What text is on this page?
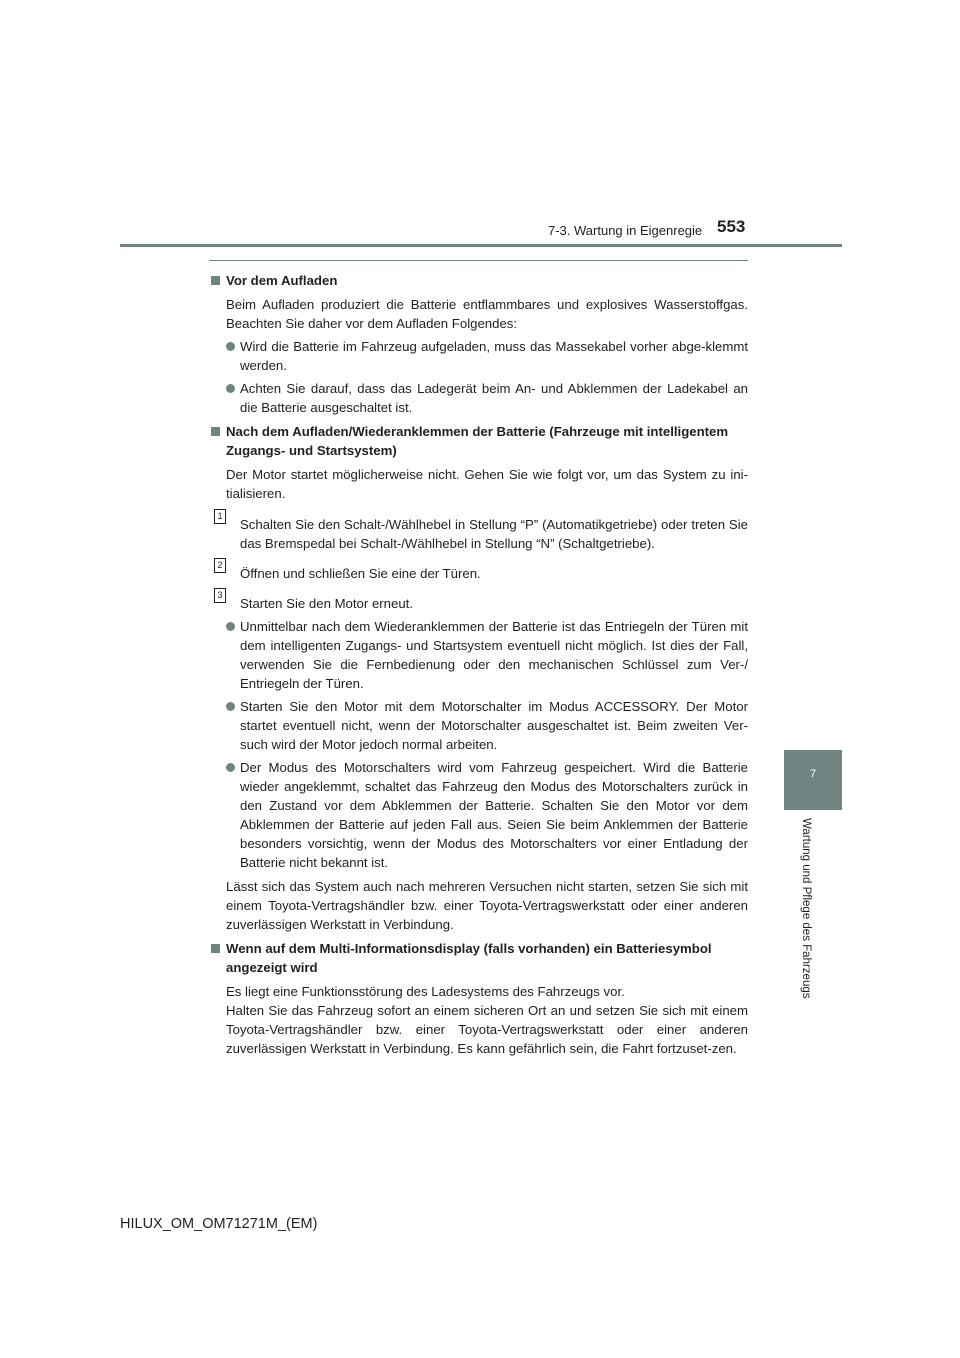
7-3. Wartung in Eigenregie 553
7
Wartung und Pflege des Fahrzeugs
Vor dem Aufladen
Beim Aufladen produziert die Batterie entflammbares und explosives Wasserstoffgas. Beachten Sie daher vor dem Aufladen Folgendes:
Wird die Batterie im Fahrzeug aufgeladen, muss das Massekabel vorher abge-klemmt werden.
Achten Sie darauf, dass das Ladegerät beim An- und Abklemmen der Ladekabel an die Batterie ausgeschaltet ist.
Nach dem Aufladen/Wiederanklemmen der Batterie (Fahrzeuge mit intelligentem Zugangs- und Startsystem)
Der Motor startet möglicherweise nicht. Gehen Sie wie folgt vor, um das System zu ini-tialisieren.
1
Schalten Sie den Schalt-/Wählhebel in Stellung “P” (Automatikgetriebe) oder treten Sie das Bremspedal bei Schalt-/Wählhebel in Stellung “N” (Schaltgetriebe).
2
Öffnen und schließen Sie eine der Türen.
3
Starten Sie den Motor erneut.
Unmittelbar nach dem Wiederanklemmen der Batterie ist das Entriegeln der Türen mit dem intelligenten Zugangs- und Startsystem eventuell nicht möglich. Ist dies der Fall, verwenden Sie die Fernbedienung oder den mechanischen Schlüssel zum Ver-/ Entriegeln der Türen.
Starten Sie den Motor mit dem Motorschalter im Modus ACCESSORY. Der Motor startet eventuell nicht, wenn der Motorschalter ausgeschaltet ist. Beim zweiten Ver-such wird der Motor jedoch normal arbeiten.
Der Modus des Motorschalters wird vom Fahrzeug gespeichert. Wird die Batterie wieder angeklemmt, schaltet das Fahrzeug den Modus des Motorschalters zurück in den Zustand vor dem Abklemmen der Batterie. Schalten Sie den Motor vor dem Abklemmen der Batterie auf jeden Fall aus. Seien Sie beim Anklemmen der Batterie besonders vorsichtig, wenn der Modus des Motorschalters vor einer Entladung der Batterie nicht bekannt ist.
Lässt sich das System auch nach mehreren Versuchen nicht starten, setzen Sie sich mit einem Toyota-Vertragshändler bzw. einer Toyota-Vertragswerkstatt oder einer anderen zuverlässigen Werkstatt in Verbindung.
Wenn auf dem Multi-Informationsdisplay (falls vorhanden) ein Batteriesymbol angezeigt wird
Es liegt eine Funktionsstörung des Ladesystems des Fahrzeugs vor.
Halten Sie das Fahrzeug sofort an einem sicheren Ort an und setzen Sie sich mit einem Toyota-Vertragshändler bzw. einer Toyota-Vertragswerkstatt oder einer anderen zuverlässigen Werkstatt in Verbindung. Es kann gefährlich sein, die Fahrt fortzuset-zen.
HILUX_OM_OM71271M_(EM)
